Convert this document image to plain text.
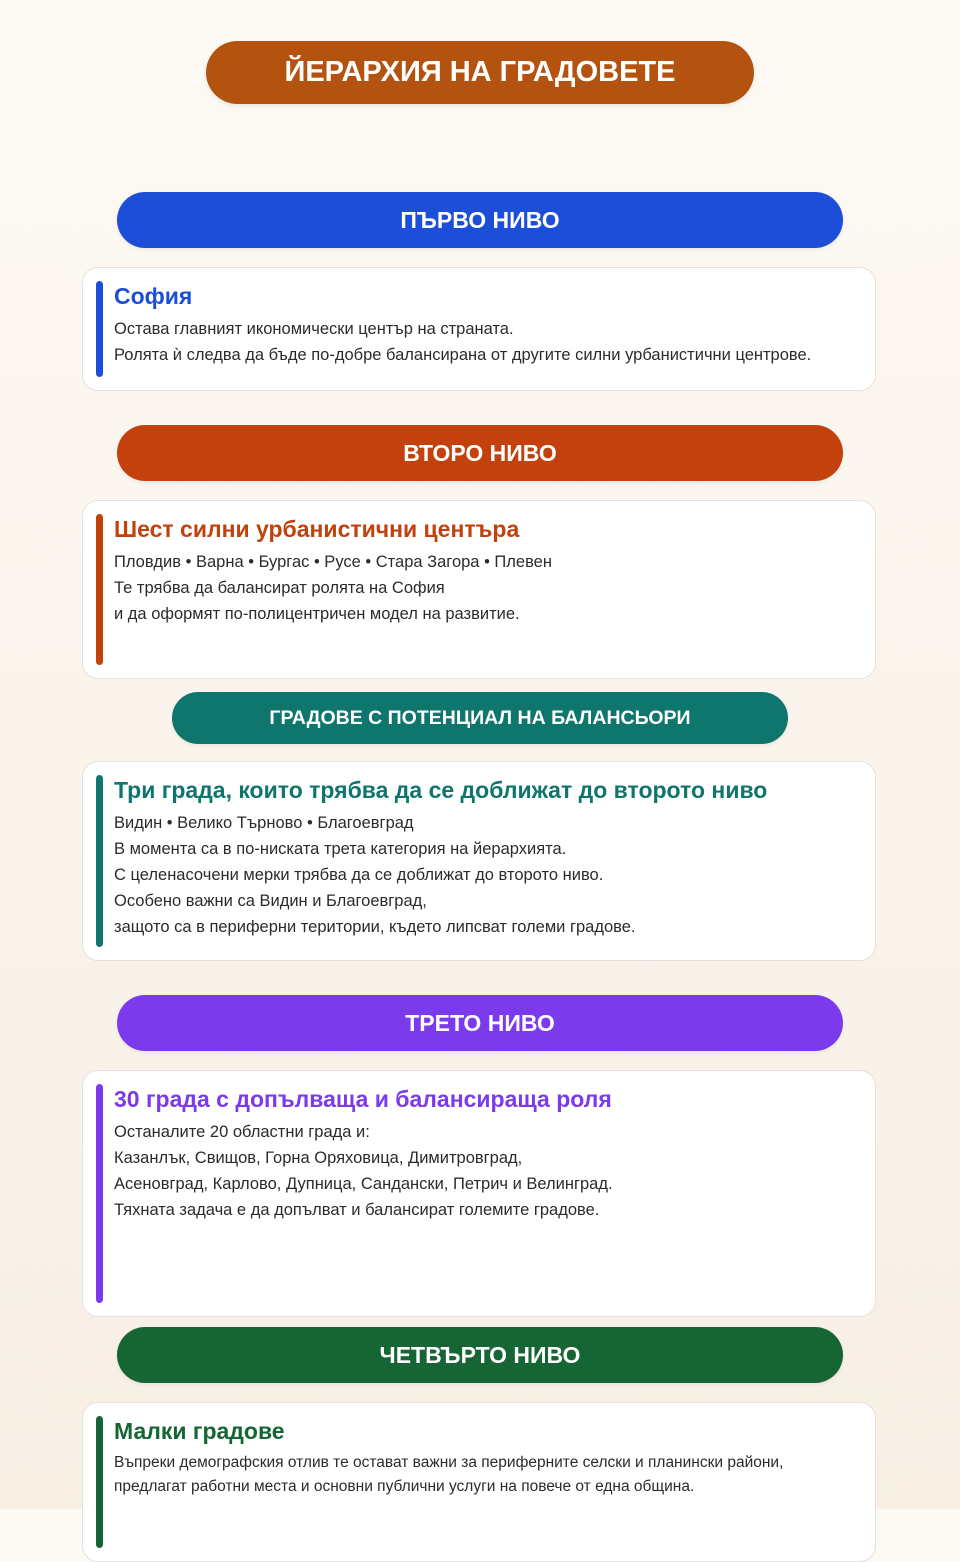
ЙЕРАРХИЯ НА ГРАДОВЕТЕ
ПЪРВО НИВО
София
Остава главният икономически център на страната.
Ролята ѝ следва да бъде по-добре балансирана от другите силни урбанистични центрове.
ВТОРО НИВО
Шест силни урбанистични центъра
Пловдив • Варна • Бургас • Русе • Стара Загора • Плевен
Те трябва да балансират ролята на София
и да оформят по-полицентричен модел на развитие.
ГРАДОВЕ С ПОТЕНЦИАЛ НА БАЛАНСЬОРИ
Три града, които трябва да се доближат до второто ниво
Видин • Велико Търново • Благоевград
В момента са в по-ниската трета категория на йерархията.
С целенасочени мерки трябва да се доближат до второто ниво.
Особено важни са Видин и Благоевград,
защото са в периферни територии, където липсват големи градове.
ТРЕТО НИВО
30 града с допълваща и балансираща роля
Останалите 20 областни града и:
Казанлък, Свищов, Горна Оряховица, Димитровград,
Асеновград, Карлово, Дупница, Сандански, Петрич и Велинград.
Тяхната задача е да допълват и балансират големите градове.
ЧЕТВЪРТО НИВО
Малки градове
Въпреки демографския отлив те остават важни за периферните селски и планински райони,
предлагат работни места и основни публични услуги на повече от една община.
